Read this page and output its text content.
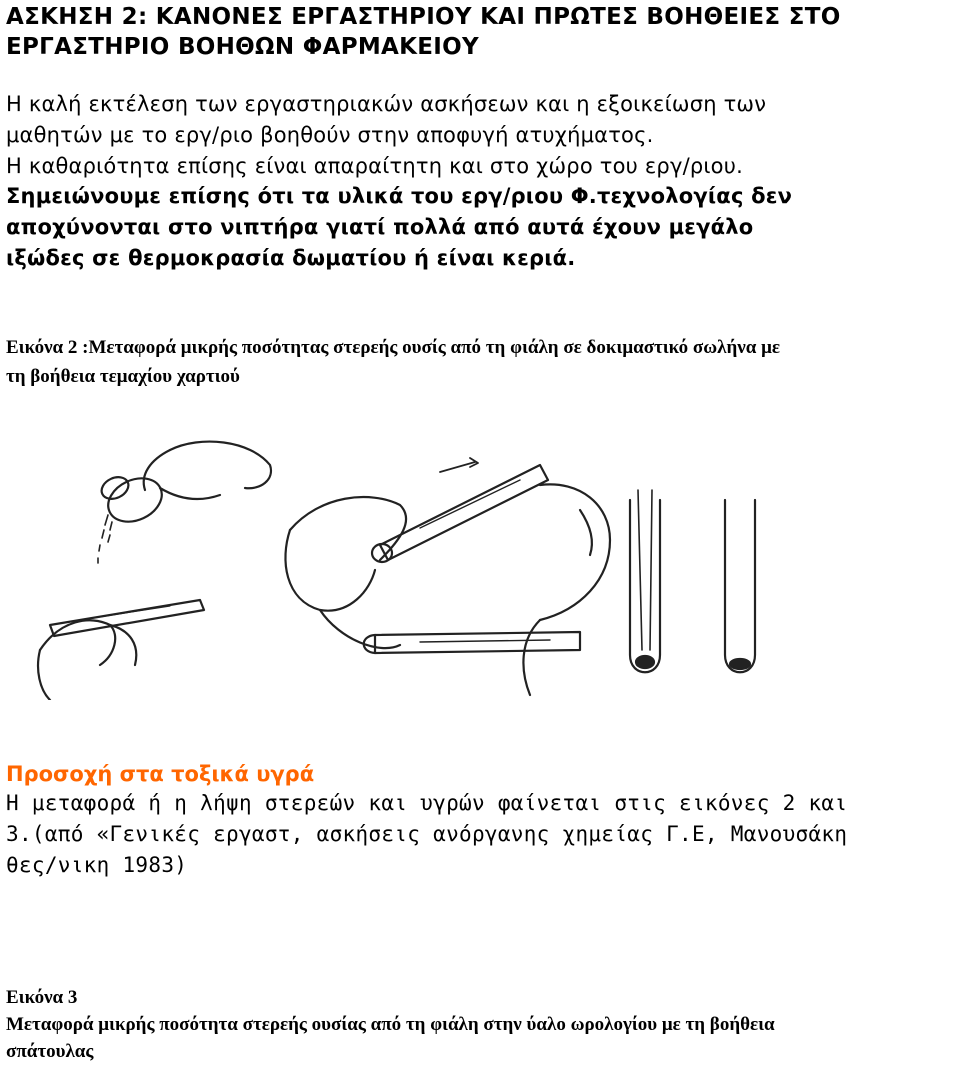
ΑΣΚΗΣΗ 2: ΚΑΝΟΝΕΣ ΕΡΓΑΣΤΗΡΙΟΥ ΚΑΙ ΠΡΩΤΕΣ ΒΟΗΘΕΙΕΣ ΣΤΟ
ΕΡΓΑΣΤΗΡΙΟ ΒΟΗΘΩΝ ΦΑΡΜΑΚΕΙΟΥ
Η καλή εκτέλεση των εργαστηριακών ασκήσεων και η εξοικείωση των
μαθητών με το εργ/ριο βοηθούν στην αποφυγή ατυχήματος.
Η καθαριότητα επίσης είναι απαραίτητη και στο χώρο του εργ/ριου.
Σημειώνουμε επίσης ότι τα υλικά του εργ/ριου Φ.τεχνολογίας δεν
αποχύνονται στο νιπτήρα γιατί πολλά από αυτά έχουν μεγάλο
ιξώδες σε θερμοκρασία δωματίου ή είναι κεριά.
Εικόνα 2 :Μεταφορά μικρής ποσότητας στερεής ουσίς από τη φιάλη σε δοκιμαστικό σωλήνα με
τη βοήθεια τεμαχίου χαρτιού
Προσοχή στα τοξικά υγρά
Η μεταφορά ή η λήψη στερεών και υγρών φαίνεται στις εικόνες 2 και
3.(από «Γενικές εργαστ, ασκήσεις ανόργανης χημείας Γ.Ε, Μανουσάκη
θες/νικη 1983)
Εικόνα 3
Μεταφορά μικρής ποσότητα στερεής ουσίας από τη φιάλη στην ύαλο ωρολογίου με τη βοήθεια
σπάτουλας
